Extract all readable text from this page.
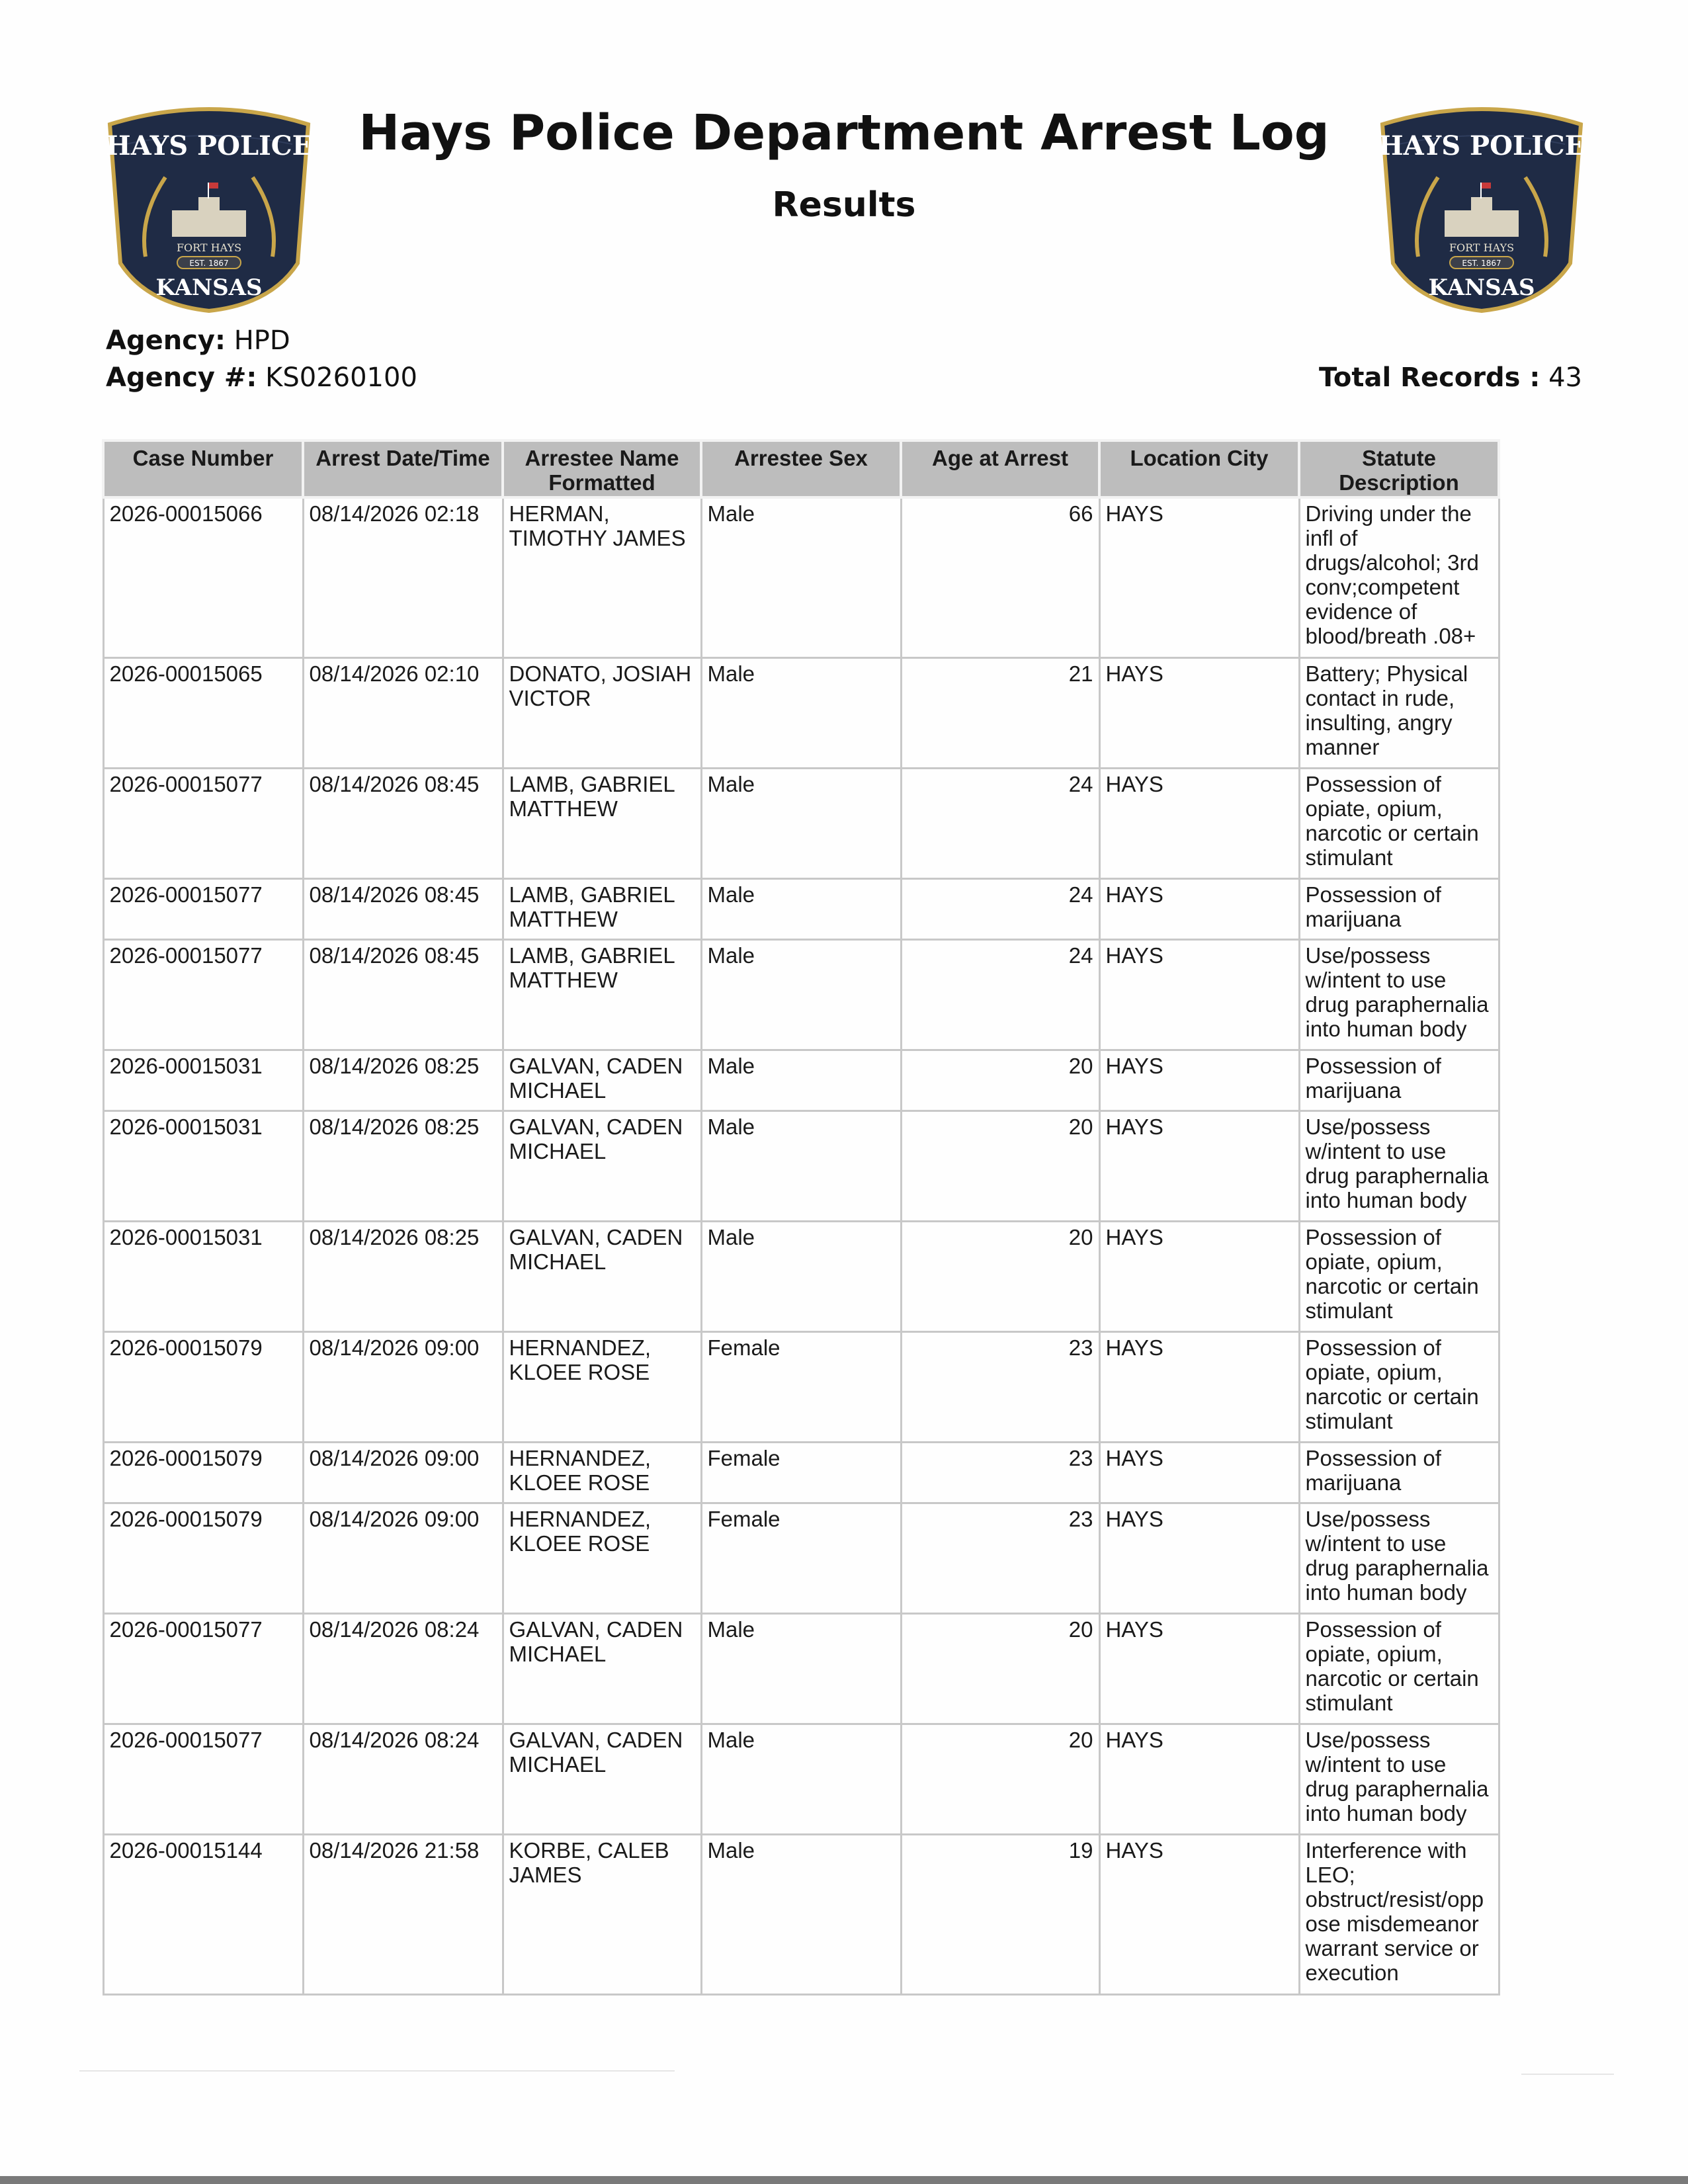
HAYS POLICE
FORT HAYS
EST. 1867
KANSAS
HAYS POLICE
FORT HAYS
EST. 1867
KANSAS
Hays Police Department Arrest Log
Results
Agency: HPD
Agency #: KS0260100	Total Records : 43
Case Number	Arrest Date/Time	Arrestee Name Formatted	Arrestee Sex	Age at Arrest	Location City	Statute Description
2026-00015066	08/14/2026 02:18	HERMAN, TIMOTHY JAMES	Male	66	HAYS	Driving under the infl of drugs/alcohol; 3rd conv;competent evidence of blood/breath .08+
2026-00015065	08/14/2026 02:10	DONATO, JOSIAH VICTOR	Male	21	HAYS	Battery; Physical contact in rude, insulting, angry manner
2026-00015077	08/14/2026 08:45	LAMB, GABRIEL MATTHEW	Male	24	HAYS	Possession of opiate, opium, narcotic or certain stimulant
2026-00015077	08/14/2026 08:45	LAMB, GABRIEL MATTHEW	Male	24	HAYS	Possession of marijuana
2026-00015077	08/14/2026 08:45	LAMB, GABRIEL MATTHEW	Male	24	HAYS	Use/possess w/intent to use drug paraphernalia into human body
2026-00015031	08/14/2026 08:25	GALVAN, CADEN MICHAEL	Male	20	HAYS	Possession of marijuana
2026-00015031	08/14/2026 08:25	GALVAN, CADEN MICHAEL	Male	20	HAYS	Use/possess w/intent to use drug paraphernalia into human body
2026-00015031	08/14/2026 08:25	GALVAN, CADEN MICHAEL	Male	20	HAYS	Possession of opiate, opium, narcotic or certain stimulant
2026-00015079	08/14/2026 09:00	HERNANDEZ, KLOEE ROSE	Female	23	HAYS	Possession of opiate, opium, narcotic or certain stimulant
2026-00015079	08/14/2026 09:00	HERNANDEZ, KLOEE ROSE	Female	23	HAYS	Possession of marijuana
2026-00015079	08/14/2026 09:00	HERNANDEZ, KLOEE ROSE	Female	23	HAYS	Use/possess w/intent to use drug paraphernalia into human body
2026-00015077	08/14/2026 08:24	GALVAN, CADEN MICHAEL	Male	20	HAYS	Possession of opiate, opium, narcotic or certain stimulant
2026-00015077	08/14/2026 08:24	GALVAN, CADEN MICHAEL	Male	20	HAYS	Use/possess w/intent to use drug paraphernalia into human body
2026-00015144	08/14/2026 21:58	KORBE, CALEB JAMES	Male	19	HAYS	Interference with LEO; obstruct/resist/opp ose misdemeanor warrant service or execution
